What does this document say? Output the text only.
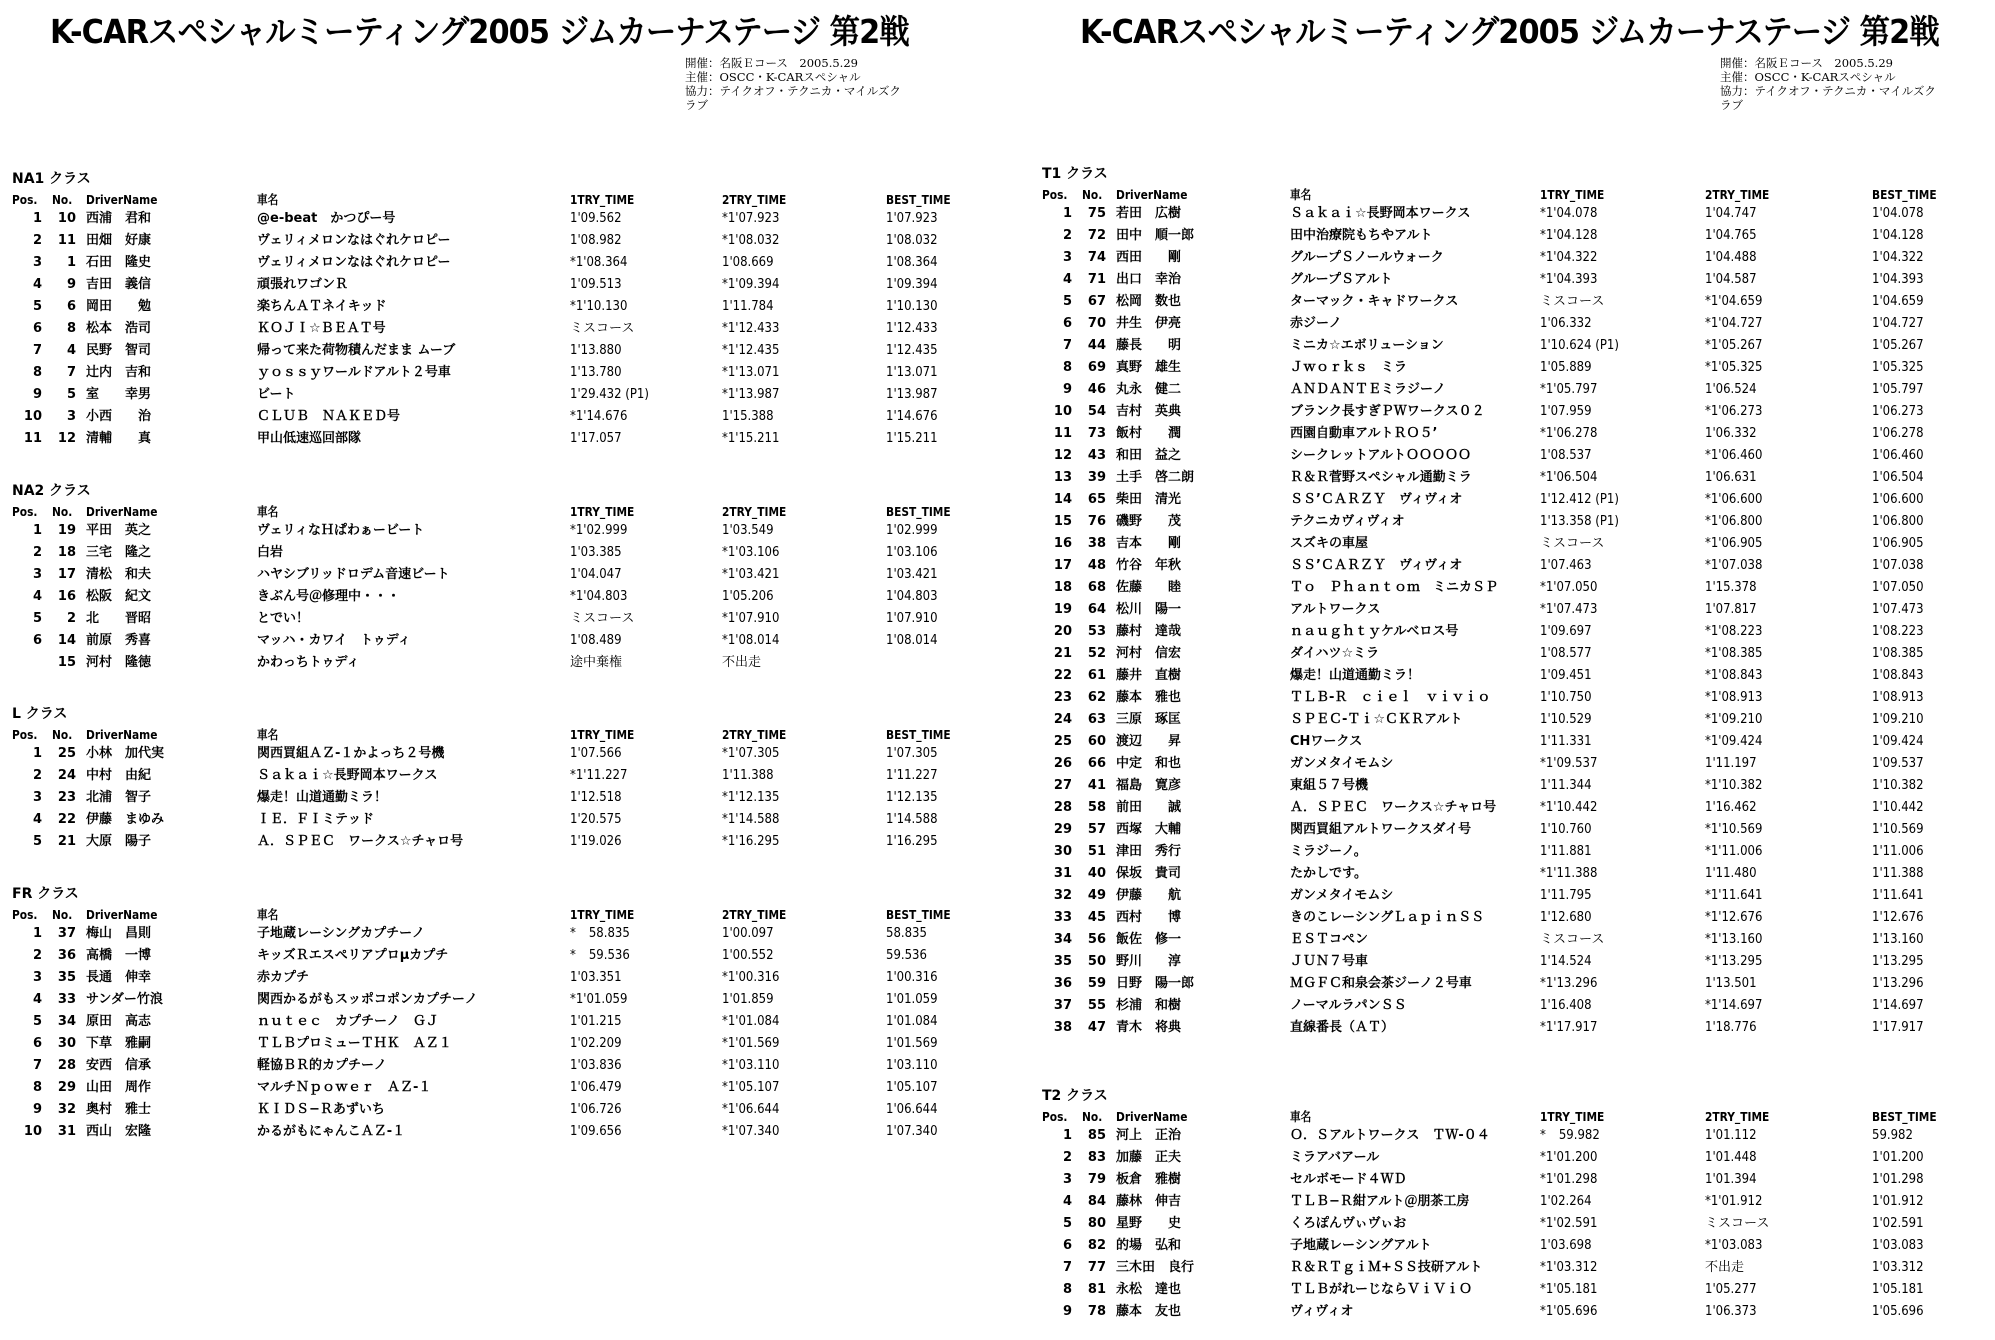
K-CARスペシャルミーティング2005 ジムカーナステージ 第2戦
開催：名阪Ｅコース　2005.5.29
主催：OSCC・K-CARスペシャル
協力：テイクオフ・テクニカ・マイルズク
ラブ
NA1 クラス
Pos. No. DriverName	車名	1TRY_TIME	2TRY_TIME	BEST_TIME
1	10 西浦　君和	@e-beat　かつぴー号	1'09.562	*1'07.923	1'07.923
2	11 田畑　好康	ヴェリィメロンなはぐれケロピー	1'08.982	*1'08.032	1'08.032
3	1 石田　隆史	ヴェリィメロンなはぐれケロピー	*1'08.364	1'08.669	1'08.364
4	9 吉田　義信	頑張れワゴンＲ	1'09.513	*1'09.394	1'09.394
5	6 岡田　　勉	楽ちんＡＴネイキッド	*1'10.130	1'11.784	1'10.130
6	8 松本　浩司	ＫＯＪＩ☆ＢＥＡＴ号	ミスコース	*1'12.433	1'12.433
7	4 民野　智司	帰って来た荷物積んだまま ムーブ	1'13.880	*1'12.435	1'12.435
8	7 辻内　吉和	ｙｏｓｓｙワールドアルト２号車	1'13.780	*1'13.071	1'13.071
9	5 室　　幸男	ビート	1'29.432 (P1)	*1'13.987	1'13.987
10	3 小西　　治	ＣＬＵＢ　ＮＡＫＥＤ号	*1'14.676	1'15.388	1'14.676
11	12 清輔　　真	甲山低速巡回部隊	1'17.057	*1'15.211	1'15.211
NA2 クラス
Pos. No. DriverName	車名	1TRY_TIME	2TRY_TIME	BEST_TIME
1	19 平田　英之	ヴェリィなＨぱわぁービート	*1'02.999	1'03.549	1'02.999
2	18 三宅　隆之	白岩	1'03.385	*1'03.106	1'03.106
3	17 清松　和夫	ハヤシブリッドロデム音速ビート	1'04.047	*1'03.421	1'03.421
4	16 松阪　紀文	きぶん号＠修理中・・・	*1'04.803	1'05.206	1'04.803
5	2 北　　晋昭	とでい！	ミスコース	*1'07.910	1'07.910
6	14 前原　秀喜	マッハ・カワイ　トゥディ	1'08.489	*1'08.014	1'08.014
15 河村　隆徳	かわっちトゥディ	途中棄権	不出走
L クラス
Pos. No. DriverName	車名	1TRY_TIME	2TRY_TIME	BEST_TIME
1	25 小林　加代実	関西買組ＡＺ-１かよっち２号機	1'07.566	*1'07.305	1'07.305
2	24 中村　由紀	Ｓａｋａｉ☆長野岡本ワークス	*1'11.227	1'11.388	1'11.227
3	23 北浦　智子	爆走！山道通勤ミラ！	1'12.518	*1'12.135	1'12.135
4	22 伊藤　まゆみ	ＩＥ．ＦＩミテッド	1'20.575	*1'14.588	1'14.588
5	21 大原　陽子	Ａ．ＳＰＥＣ　ワークス☆チャロ号	1'19.026	*1'16.295	1'16.295
FR クラス
Pos. No. DriverName	車名	1TRY_TIME	2TRY_TIME	BEST_TIME
1	37 梅山　昌則	子地蔵レーシングカプチーノ	*　58.835	1'00.097	58.835
2	36 高橋　一博	キッズＲエスペリアプロμカプチ	*　59.536	1'00.552	59.536
3	35 長通　伸幸	赤カプチ	1'03.351	*1'00.316	1'00.316
4	33 サンダー竹浪	関西かるがもスッポコポンカプチーノ	*1'01.059	1'01.859	1'01.059
5	34 原田　高志	ｎｕｔｅｃ　カプチーノ　ＧＪ	1'01.215	*1'01.084	1'01.084
6	30 下草　雅嗣	ＴＬＢプロミューＴＨＫ　ＡＺ１	1'02.209	*1'01.569	1'01.569
7	28 安西　信承	軽協ＢＲ的カプチーノ	1'03.836	*1'03.110	1'03.110
8	29 山田　周作	マルチＮｐｏｗｅｒ　ＡＺ-１	1'06.479	*1'05.107	1'05.107
9	32 奥村　雅士	ＫＩＤＳ−Ｒあずいち	1'06.726	*1'06.644	1'06.644
10	31 西山　宏隆	かるがもにゃんこＡＺ-１	1'09.656	*1'07.340	1'07.340
K-CARスペシャルミーティング2005 ジムカーナステージ 第2戦
開催：名阪Ｅコース　2005.5.29
主催：OSCC・K-CARスペシャル
協力：テイクオフ・テクニカ・マイルズク
ラブ
T1 クラス
Pos. No. DriverName	車名	1TRY_TIME	2TRY_TIME	BEST_TIME
1	75 若田　広樹	Ｓａｋａｉ☆長野岡本ワークス	*1'04.078	1'04.747	1'04.078
2	72 田中　順一郎	田中治療院もちやアルト	*1'04.128	1'04.765	1'04.128
3	74 西田　　剛	グループＳノールウォーク	*1'04.322	1'04.488	1'04.322
4	71 出口　幸治	グループＳアルト	*1'04.393	1'04.587	1'04.393
5	67 松岡　数也	ターマック・キャドワークス	ミスコース	*1'04.659	1'04.659
6	70 井生　伊亮	赤ジーノ	1'06.332	*1'04.727	1'04.727
7	44 藤長　　明	ミニカ☆エボリューション	1'10.624 (P1)	*1'05.267	1'05.267
8	69 真野　雄生	Ｊｗｏｒｋｓ　ミラ	1'05.889	*1'05.325	1'05.325
9	46 丸永　健二	ＡＮＤＡＮＴＥミラジーノ	*1'05.797	1'06.524	1'05.797
10	54 吉村　英典	ブランク長すぎＰＷワークス０２	1'07.959	*1'06.273	1'06.273
11	73 飯村　　潤	西園自動車アルトＲＯ５’	*1'06.278	1'06.332	1'06.278
12	43 和田　益之	シークレットアルトＯＯＯＯＯ	1'08.537	*1'06.460	1'06.460
13	39 土手　啓二朗	Ｒ＆Ｒ菅野スペシャル通勤ミラ	*1'06.504	1'06.631	1'06.504
14	65 柴田　清光	ＳＳ’ＣＡＲＺＹ　ヴィヴィオ	1'12.412 (P1)	*1'06.600	1'06.600
15	76 磯野　　茂	テクニカヴィヴィオ	1'13.358 (P1)	*1'06.800	1'06.800
16	38 吉本　　剛	スズキの車屋	ミスコース	*1'06.905	1'06.905
17	48 竹谷　年秋	ＳＳ’ＣＡＲＺＹ　ヴィヴィオ	1'07.463	*1'07.038	1'07.038
18	68 佐藤　　睦	Ｔｏ　Ｐｈａｎｔｏｍ　ミニカＳＰ	*1'07.050	1'15.378	1'07.050
19	64 松川　陽一	アルトワークス	*1'07.473	1'07.817	1'07.473
20	53 藤村　達哉	ｎａｕｇｈｔｙケルベロス号	1'09.697	*1'08.223	1'08.223
21	52 河村　信宏	ダイハツ☆ミラ	1'08.577	*1'08.385	1'08.385
22	61 藤井　直樹	爆走！山道通勤ミラ！	1'09.451	*1'08.843	1'08.843
23	62 藤本　雅也	ＴＬＢ-Ｒ　ｃｉｅｌ　ｖｉｖｉｏ	1'10.750	*1'08.913	1'08.913
24	63 三原　琢匡	ＳＰＥＣ-Ｔｉ☆ＣＫＲアルト	1'10.529	*1'09.210	1'09.210
25	60 渡辺　　昇	CHワークス	1'11.331	*1'09.424	1'09.424
26	66 中定　和也	ガンメタイモムシ	*1'09.537	1'11.197	1'09.537
27	41 福島　寛彦	東組５７号機	1'11.344	*1'10.382	1'10.382
28	58 前田　　誠	Ａ．ＳＰＥＣ　ワークス☆チャロ号	*1'10.442	1'16.462	1'10.442
29	57 西塚　大輔	関西買組アルトワークスダイ号	1'10.760	*1'10.569	1'10.569
30	51 津田　秀行	ミラジーノ。	1'11.881	*1'11.006	1'11.006
31	40 保坂　貴司	たかしです。	*1'11.388	1'11.480	1'11.388
32	49 伊藤　　航	ガンメタイモムシ	1'11.795	*1'11.641	1'11.641
33	45 西村　　博	きのこレーシングＬａｐｉｎＳＳ	1'12.680	*1'12.676	1'12.676
34	56 飯佐　修一	ＥＳＴコペン	ミスコース	*1'13.160	1'13.160
35	50 野川　　淳	ＪＵＮ７号車	1'14.524	*1'13.295	1'13.295
36	59 日野　陽一郎	ＭＧＦＣ和泉会茶ジーノ２号車	*1'13.296	1'13.501	1'13.296
37	55 杉浦　和樹	ノーマルラパンＳＳ	1'16.408	*1'14.697	1'14.697
38	47 青木　将典	直線番長（ＡＴ）	*1'17.917	1'18.776	1'17.917
T2 クラス
Pos. No. DriverName	車名	1TRY_TIME	2TRY_TIME	BEST_TIME
1	85 河上　正治	Ｏ．Ｓアルトワークス　ＴＷ-０４	*　59.982	1'01.112	59.982
2	83 加藤　正夫	ミラアバアール	*1'01.200	1'01.448	1'01.200
3	79 板倉　雅樹	セルボモード４ＷＤ	*1'01.298	1'01.394	1'01.298
4	84 藤林　伸吉	ＴＬＢ−Ｒ紺アルト＠朋茶工房	1'02.264	*1'01.912	1'01.912
5	80 星野　　史	くろぽんヴぃヴぃお	*1'02.591	ミスコース	1'02.591
6	82 的場　弘和	子地蔵レーシングアルト	1'03.698	*1'03.083	1'03.083
7	77 三木田　良行	Ｒ＆ＲＴｇｉＭ+ＳＳ技研アルト	*1'03.312	不出走	1'03.312
8	81 永松　達也	ＴＬＢがれーじならＶｉＶｉＯ	*1'05.181	1'05.277	1'05.181
9	78 藤本　友也	ヴィヴィオ	*1'05.696	1'06.373	1'05.696
